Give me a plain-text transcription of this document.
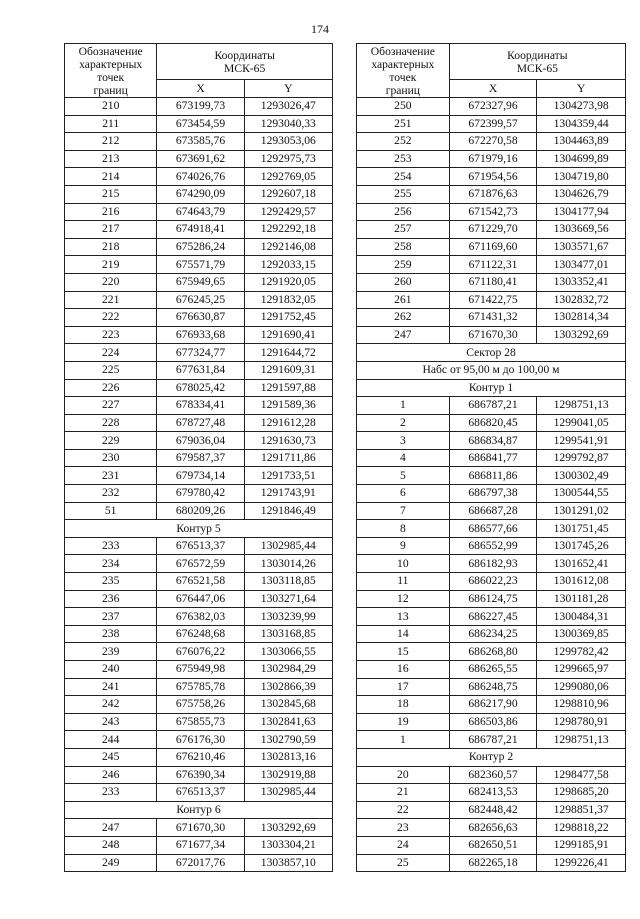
174
Обозначение
характерных
точек
границ	Координаты
МСК-65	
	X	Y
210	673199,73	1293026,47
211	673454,59	1293040,33
212	673585,76	1293053,06
213	673691,62	1292975,73
214	674026,76	1292769,05
215	674290,09	1292607,18
216	674643,79	1292429,57
217	674918,41	1292292,18
218	675286,24	1292146,08
219	675571,79	1292033,15
220	675949,65	1291920,05
221	676245,25	1291832,05
222	676630,87	1291752,45
223	676933,68	1291690,41
224	677324,77	1291644,72
225	677631,84	1291609,31
226	678025,42	1291597,88
227	678334,41	1291589,36
228	678727,48	1291612,28
229	679036,04	1291630,73
230	679587,37	1291711,86
231	679734,14	1291733,51
232	679780,42	1291743,91
51	680209,26	1291846,49
Контур 5		
233	676513,37	1302985,44
234	676572,59	1303014,26
235	676521,58	1303118,85
236	676447,06	1303271,64
237	676382,03	1303239,99
238	676248,68	1303168,85
239	676076,22	1303066,55
240	675949,98	1302984,29
241	675785,78	1302866,39
242	675758,26	1302845,68
243	675855,73	1302841,63
244	676176,30	1302790,59
245	676210,46	1302813,16
246	676390,34	1302919,88
233	676513,37	1302985,44
Контур 6		
247	671670,30	1303292,69
248	671677,34	1303304,21
249	672017,76	1303857,10
Обозначение
характерных
точек
границ	Координаты
МСК-65	
	X	Y
250	672327,96	1304273,98
251	672399,57	1304359,44
252	672270,58	1304463,89
253	671979,16	1304699,89
254	671954,56	1304719,80
255	671876,63	1304626,79
256	671542,73	1304177,94
257	671229,70	1303669,56
258	671169,60	1303571,67
259	671122,31	1303477,01
260	671180,41	1303352,41
261	671422,75	1302832,72
262	671431,32	1302814,34
247	671670,30	1303292,69
Сектор 28		
Набс от 95,00 м до 100,00 м		
Контур 1		
1	686787,21	1298751,13
2	686820,45	1299041,05
3	686834,87	1299541,91
4	686841,77	1299792,87
5	686811,86	1300302,49
6	686797,38	1300544,55
7	686687,28	1301291,02
8	686577,66	1301751,45
9	686552,99	1301745,26
10	686182,93	1301652,41
11	686022,23	1301612,08
12	686124,75	1301181,28
13	686227,45	1300484,31
14	686234,25	1300369,85
15	686268,80	1299782,42
16	686265,55	1299665,97
17	686248,75	1299080,06
18	686217,90	1298810,96
19	686503,86	1298780,91
1	686787,21	1298751,13
Контур 2		
20	682360,57	1298477,58
21	682413,53	1298685,20
22	682448,42	1298851,37
23	682656,63	1298818,22
24	682650,51	1299185,91
25	682265,18	1299226,41
